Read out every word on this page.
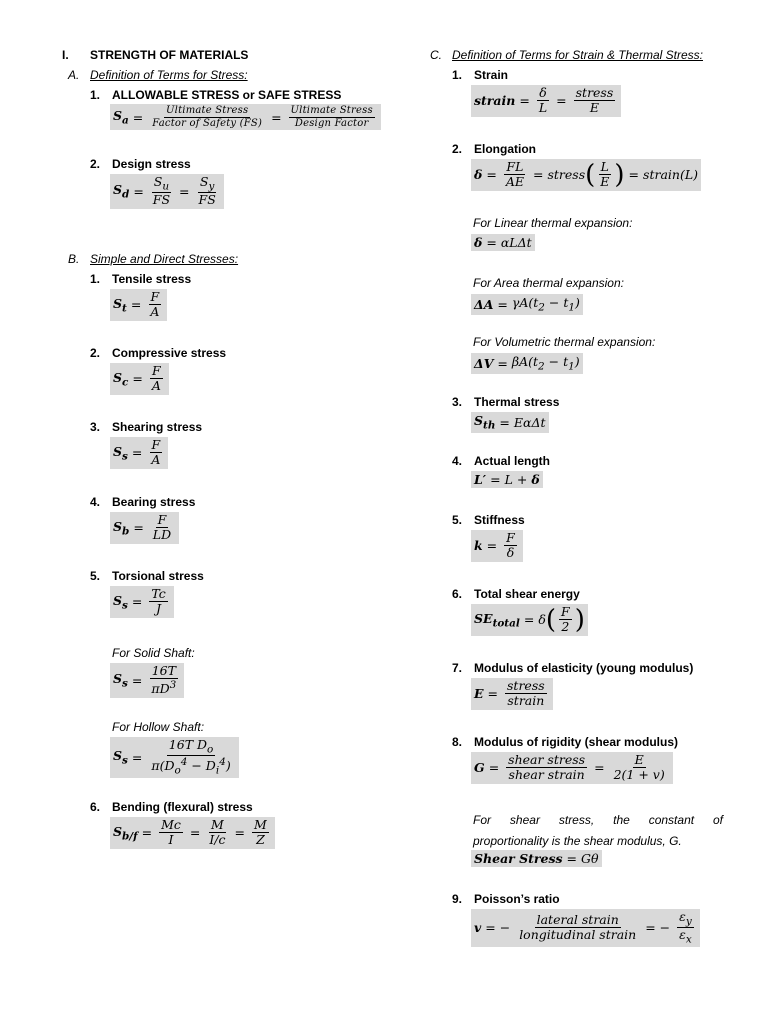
I. STRENGTH OF MATERIALS
A. Definition of Terms for Stress:
1. ALLOWABLE STRESS or SAFE STRESS
$S_a = \frac{\text{Ultimate Stress}}{\text{Factor of Safety (FS)}} = \frac{\text{Ultimate Stress}}{\text{Design Factor}}$
2. Design stress
$S_d = \frac{S_u}{FS} = \frac{S_y}{FS}$
B. Simple and Direct Stresses:
1. Tensile stress
$S_t = \frac{F}{A}$
2. Compressive stress
$S_c = \frac{F}{A}$
3. Shearing stress
$S_s = \frac{F}{A}$
4. Bearing stress
$S_b = \frac{F}{LD}$
5. Torsional stress
$S_s = \frac{Tc}{J}$
For Solid Shaft:
$S_s = \frac{16T}{\pi D^3}$
For Hollow Shaft:
$S_s = \frac{16T D_o}{\pi(D_o^4 - D_i^4)}$
6. Bending (flexural) stress
$S_{b/f} = \frac{Mc}{I} = \frac{M}{I/c} = \frac{M}{Z}$
C. Definition of Terms for Strain & Thermal Stress:
1. Strain
strain = $\frac{\delta}{L} = \frac{\text{stress}}{E}$
2. Elongation
$\delta = \frac{FL}{AE}$ = stress ( $\frac{L}{E}$ ) = strain(L)
For Linear thermal expansion:
δ = αLΔt
For Area thermal expansion:
$\Delta A = \gamma A(t_2 - t_1)$
For Volumetric thermal expansion:
$\Delta V = \beta A(t_2 - t_1)$
3. Thermal stress
$S_{th} = E\alpha\Delta t$
4. Actual length
L′ = L + δ
5. Stiffness
$k = \frac{F}{\delta}$
6. Total shear energy
$SE_{total} = \delta$ ( $\frac{F}{2}$ )
7. Modulus of elasticity (young modulus)
$E = \frac{\text{stress}}{\text{strain}}$
8. Modulus of rigidity (shear modulus)
$G = \frac{\text{shear stress}}{\text{shear strain}} = \frac{E}{2(1 + v)}$
For shear stress, the constant of proportionality is the shear modulus, G.
Shear Stress = Gθ
9. Poisson’s ratio
v = − $\frac{\text{lateral strain}}{\text{longitudinal strain}}$ = − $\frac{\varepsilon_y}{\varepsilon_x}$
